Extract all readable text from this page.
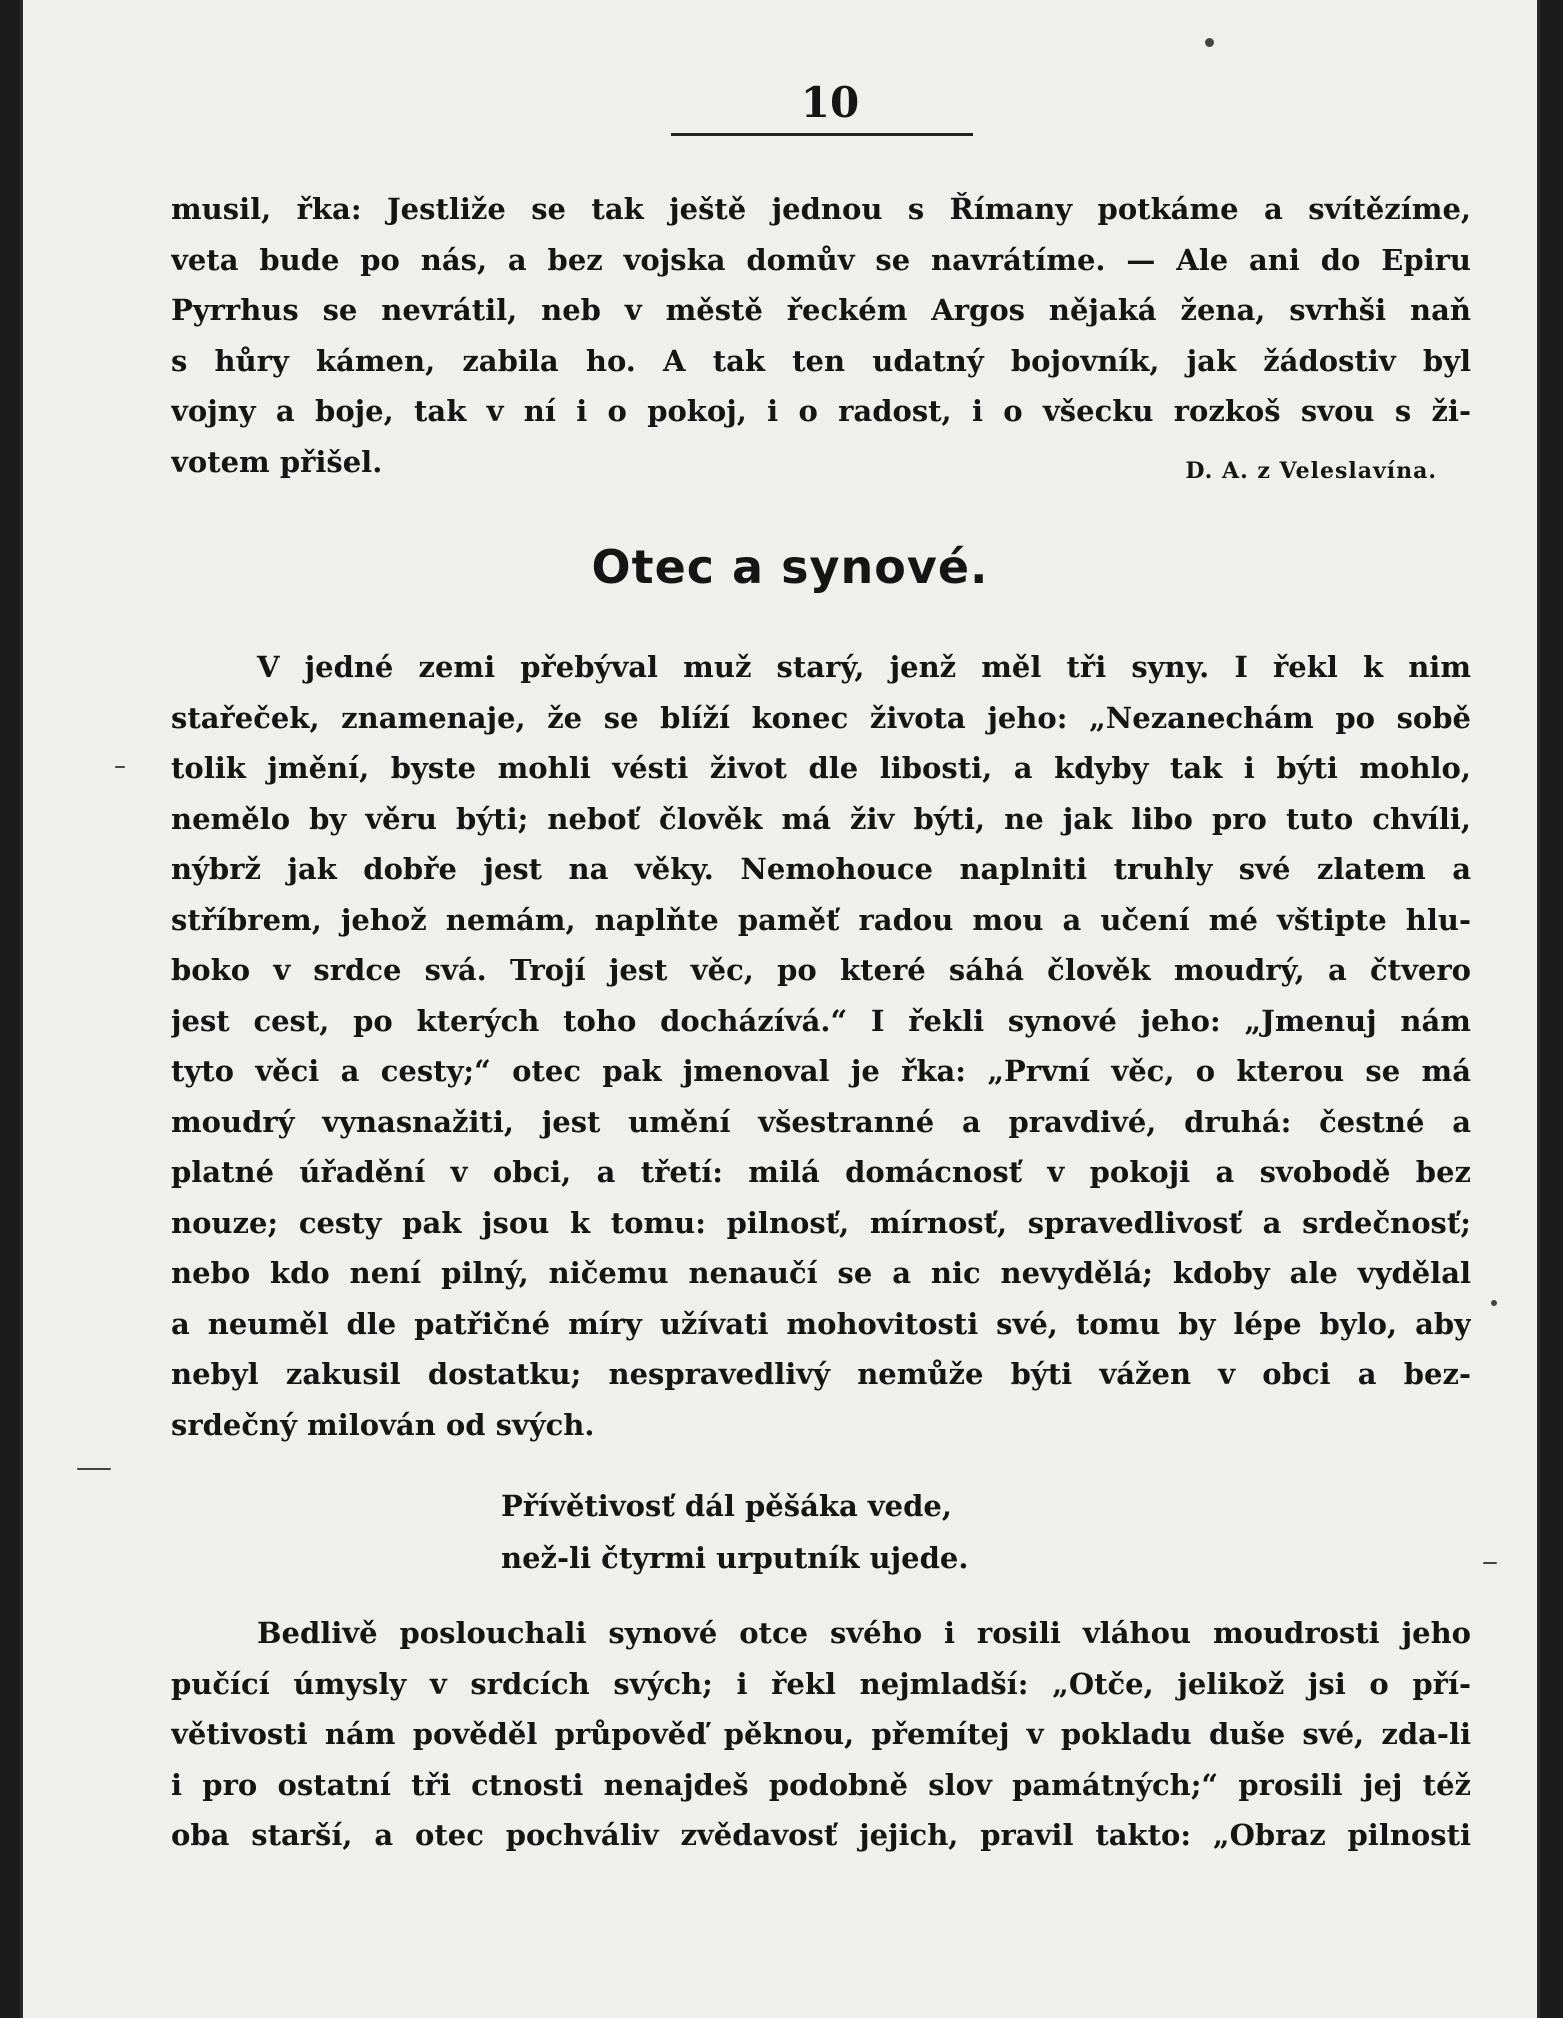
10
musil, řka: Jestliže se tak ještě jednou s Římany potkáme a svítězíme,
veta bude po nás, a bez vojska domův se navrátíme. — Ale ani do Epiru
Pyrrhus se nevrátil, neb v městě řeckém Argos nějaká žena, svrhši naň
s hůry kámen, zabila ho. A tak ten udatný bojovník, jak žádostiv byl
vojny a boje, tak v ní i o pokoj, i o radost, i o všecku rozkoš svou s ži-
votem přišel.	D. A. z Veleslavína.
Otec a synové.
V jedné zemi přebýval muž starý, jenž měl tři syny. I řekl k nim
stařeček, znamenaje, že se blíží konec života jeho: „Nezanechám po sobě
tolik jmění, byste mohli vésti život dle libosti, a kdyby tak i býti mohlo,
nemělo by věru býti; neboť člověk má živ býti, ne jak libo pro tuto chvíli,
nýbrž jak dobře jest na věky. Nemohouce naplniti truhly své zlatem a
stříbrem, jehož nemám, naplňte paměť radou mou a učení mé vštipte hlu-
boko v srdce svá. Trojí jest věc, po které sáhá člověk moudrý, a čtvero
jest cest, po kterých toho docházívá.“ I řekli synové jeho: „Jmenuj nám
tyto věci a cesty;“ otec pak jmenoval je řka: „První věc, o kterou se má
moudrý vynasnažiti, jest umění všestranné a pravdivé, druhá: čestné a
platné úřadění v obci, a třetí: milá domácnosť v pokoji a svobodě bez
nouze; cesty pak jsou k tomu: pilnosť, mírnosť, spravedlivosť a srdečnosť;
nebo kdo není pilný, ničemu nenaučí se a nic nevydělá; kdoby ale vydělal
a neuměl dle patřičné míry užívati mohovitosti své, tomu by lépe bylo, aby
nebyl zakusil dostatku; nespravedlivý nemůže býti vážen v obci a bez-
srdečný milován od svých.
Přívětivosť dál pěšáka vede,
než-li čtyrmi urputník ujede.
Bedlivě poslouchali synové otce svého i rosili vláhou moudrosti jeho
pučící úmysly v srdcích svých; i řekl nejmladší: „Otče, jelikož jsi o pří-
větivosti nám pověděl průpověď pěknou, přemítej v pokladu duše své, zda-li
i pro ostatní tři ctnosti nenajdeš podobně slov památných;“ prosili jej též
oba starší, a otec pochváliv zvědavosť jejich, pravil takto: „Obraz pilnosti
